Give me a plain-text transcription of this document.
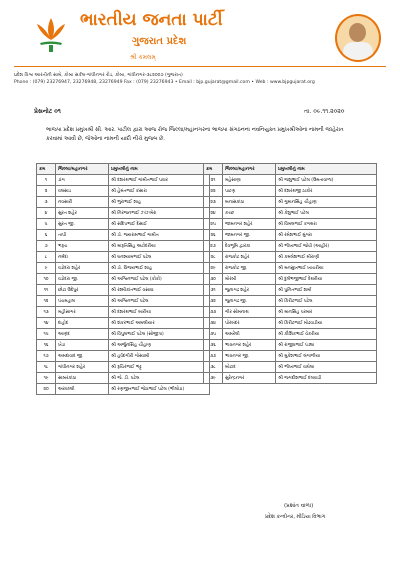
ભારતીય જનતા પાર્ટી
ગુજરાત પ્રદેશ
શ્રી કમલમ્
પ્રદેશ વિશ્વ આરતીની સામે, કોબા સર્કલ-ગાંધીનગર રોડ, કોબા, ગાંધીનગર-૩૮૨૦૦૭ (ગુજરાત)
Phone : (079) 23276947, 23276948, 23276949 Fax : (079) 23276943 • Email : bjp.gujarat@gmail.com • Web : www.bjpgujarat.org
પ્રેસનોટ ૦૧	તા. ૦૯.૧૧.૨૦૨૦
ભાજપા પ્રદેશ પ્રમુખશ્રી સી. આર. પાટીલ દ્વારા આજ રોજ જિલ્લા/મહાનગરના ભાજપા સંગઠનના નવનિયુક્ત પ્રમુખશ્રીઓના નામની જાહેરાત કરવામાં આવી છે, જેઓના નામની યાદી નીચે મુજબ છે.
ક્રમ	જિલ્લા/મહાનગર	પ્રમુખશ્રીનું નામ
૧	ડાંગ	શ્રી દશરથભાઈ ગાંમીતભાઈ પવાર
૨	વલસાડ	શ્રી હેમંતભાઈ કંસારા
૩	નવસારી	શ્રી ભુરાભાઈ શાહ
૪	સુરત શહેર	શ્રી નિરંજનભાઈ ઝાંઝમેરા
૫	સુરત જી.	શ્રી સંદિપભાઈ દેસાઈ
૬	તાપી	શ્રી ડૉ. જયરામભાઈ ગામીત
૭	ભરૂચ	શ્રી મારૂતિસિંહ અટોદરીયા
૮	નર્મદા	શ્રી ઘનશ્યામભાઈ પટેલ
૯	વડોદરા શહેર	શ્રી ડૉ. વિજયભાઈ શાહ
૧૦	વડોદરા જી.	શ્રી અશ્વિનભાઈ પટેલ (કોકો)
૧૧	છોટા ઉદેપુર	શ્રી રશ્મીકાંતભાઈ વસાવા
૧૨	પંચમહાલ	શ્રી અશ્વિનભાઈ પટેલ
૧૩	મહીસાગર	શ્રી દશરથભાઈ બારીયા
૧૪	દાહોદ	શ્રી શંકરભાઈ અમલીયાર
૧૫	આણંદ	શ્રી વિપુલભાઈ પટેલ (સોજીત્રા)
૧૬	ખેડા	શ્રી અર્જુનસિંહ ચૌહાણ
૧૭	અમદાવાદ જી.	શ્રી હર્ષદગીરી ગોસ્વામી
૧૮	ગાંધીનગર શહેર	શ્રી રૂચિરભાઈ ભટ્ટ
૧૯	સાબરકાંઠા	શ્રી જે. ડી. પટેલ
૨૦	અરવલ્લી	શ્રી રણજીતભાઈ જેઠાભાઈ પટેલ (ભીલોડા)
ક્રમ	જિલ્લા/મહાનગર	પ્રમુખશ્રીનું નામ
૨૧	મહેસાણા	શ્રી જશુભાઈ પટેલ (ઉમતાવાળા)
૨૨	પાટણ	શ્રી દશરથજી ઠાકોર
૨૩	બનાસકાંઠા	શ્રી ગુમાનસિંહ ચૌહાણ
૨૪	કચ્છ	શ્રી કેશુભાઈ પટેલ
૨૫	જામનગર શહેર	શ્રી વિમલભાઈ કગથરા
૨૬	જામનગર જી.	શ્રી રમેશભાઈ મુંગરા
૨૭	દેવભૂમિ દ્વારકા	શ્રી ભીખાભાઈ જોષી (આહીર)
૨૮	રાજકોટ શહેર	શ્રી કમલેશભાઈ મીરાણી
૨૯	રાજકોટ જી.	શ્રી મનસુખભાઈ ખાચરીયા
૩૦	મોરબી	શ્રી દુર્લભજીભાઈ દેથરીયા
૩૧	જુનાગઢ શહેર	શ્રી પુનિતભાઈ શર્મા
૩૨	જુનાગઢ જી.	શ્રી કિરીટભાઈ પટેલ
૩૩	ગીર સોમનાથ	શ્રી માનસિંહ પરમાર
૩૪	પોરબંદર	શ્રી કિરીટભાઈ મોઢવાડીયા
૩૫	અમરેલી	શ્રી કૌશિકભાઈ વેકરીયા
૩૬	ભાવનગર શહેર	શ્રી રાજીવભાઈ પંડ્યા
૩૭	ભાવનગર જી.	શ્રી મુકેશભાઈ લંગાળીયા
૩૮	બોટાદ	શ્રી ભીખાભાઈ વાઘેલા
૩૯	સુરેન્દ્રનગર	શ્રી જગદીશભાઈ દલવાડી
(પ્રશાંત વાળા)
પ્રદેશ કન્વીનર, મીડિયા વિભાગ
